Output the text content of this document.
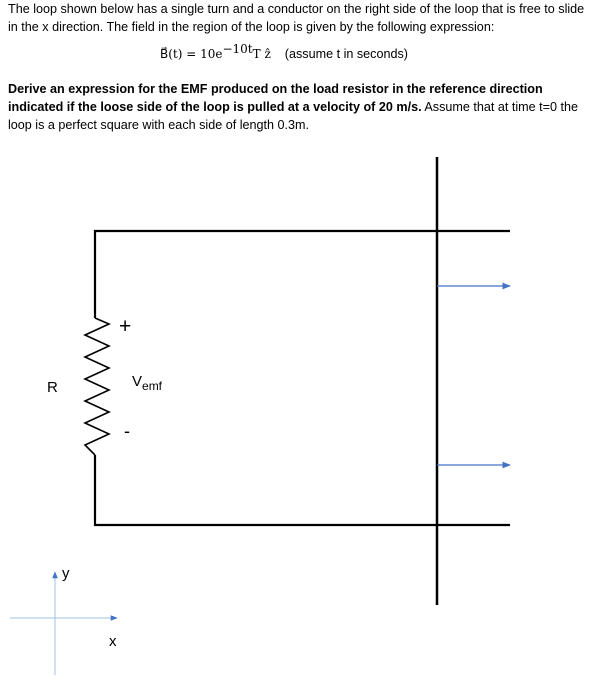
The loop shown below has a single turn and a conductor on the right side of the loop that is free to slide in the x direction. The field in the region of the loop is given by the following expression:

B⃗(t) = $10e^{-10t}T$ ẑ (assume t in seconds)

Derive an expression for the EMF produced on the load resistor in the reference direction indicated if the loose side of the loop is pulled at a velocity of 20 m/s. Assume that at time t=0 the loop is a perfect square with each side of length 0.3m.

R
+
-
$V_{emf}$
y
x
